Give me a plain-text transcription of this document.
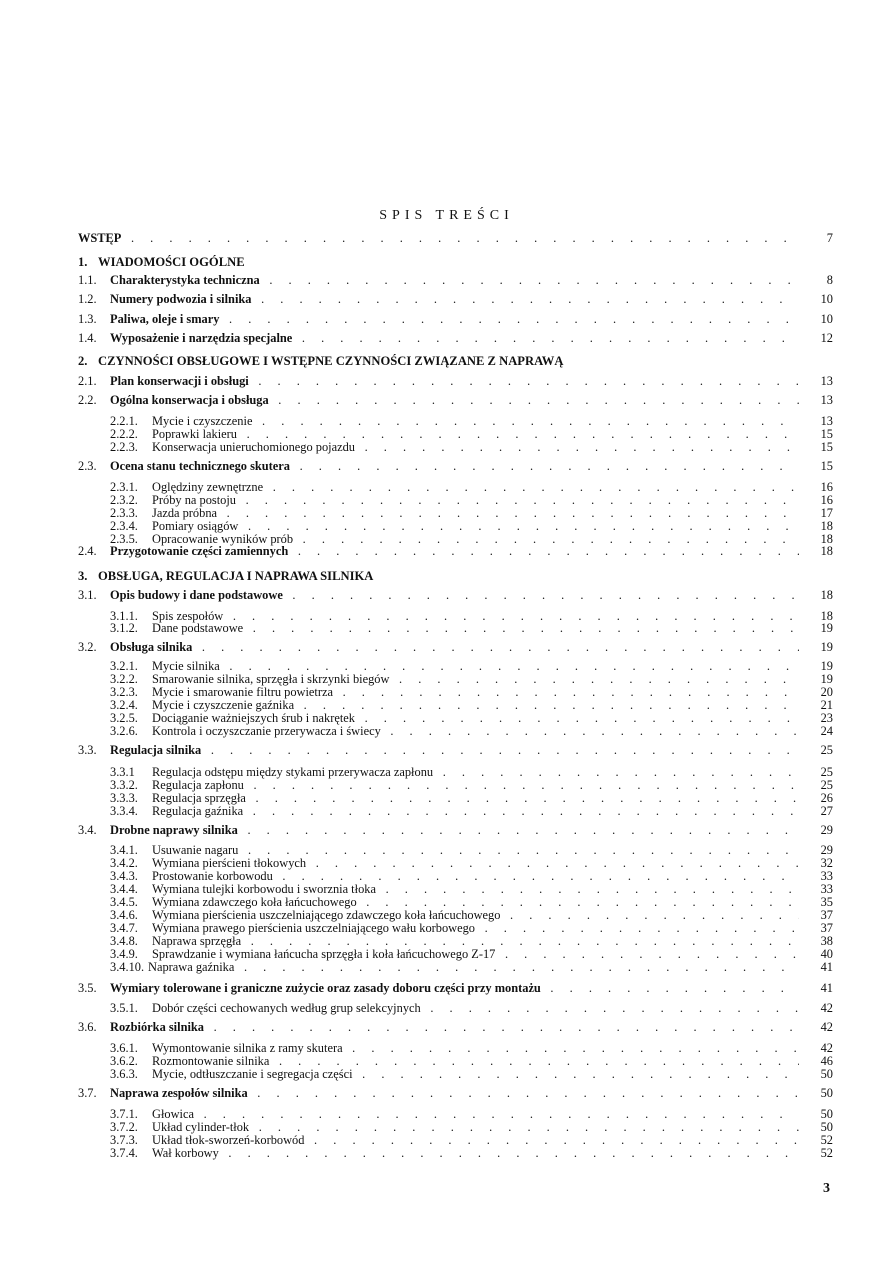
SPIS TREŚCI
WSTĘP . . .	7
1. WIADOMOŚCI OGÓLNE
1.1. Charakterystyka techniczna . . .	8
1.2. Numery podwozia i silnika . . .	10
1.3. Paliwa, oleje i smary . . .	10
1.4. Wyposażenie i narzędzia specjalne . . .	12
2. CZYNNOŚCI OBSŁUGOWE I WSTĘPNE CZYNNOŚCI ZWIĄZANE Z NAPRAWĄ
2.1. Plan konserwacji i obsługi . . .	13
2.2. Ogólna konserwacja i obsługa . . .	13
2.2.1. Mycie i czyszczenie . . .	13
2.2.2. Poprawki lakieru . . .	15
2.2.3. Konserwacja unieruchomionego pojazdu . . .	15
2.3. Ocena stanu technicznego skutera . . .	15
2.3.1. Oględziny zewnętrzne . . .	16
2.3.2. Próby na postoju . . .	16
2.3.3. Jazda próbna . . .	17
2.3.4. Pomiary osiągów . . .	18
2.3.5. Opracowanie wyników prób . . .	18
2.4. Przygotowanie części zamiennych . . .	18
3. OBSŁUGA, REGULACJA I NAPRAWA SILNIKA
3.1. Opis budowy i dane podstawowe . . .	18
3.1.1. Spis zespołów . . .	18
3.1.2. Dane podstawowe . . .	19
3.2. Obsługa silnika . . .	19
3.2.1. Mycie silnika . . .	19
3.2.2. Smarowanie silnika, sprzęgła i skrzynki biegów . . .	19
3.2.3. Mycie i smarowanie filtru powietrza . . .	20
3.2.4. Mycie i czyszczenie gaźnika . . .	21
3.2.5. Dociąganie ważniejszych śrub i nakrętek . . .	23
3.2.6. Kontrola i oczyszczanie przerywacza i świecy . . .	24
3.3. Regulacja silnika . . .	25
3.3.1 Regulacja odstępu między stykami przerywacza zapłonu . . .	25
3.3.2. Regulacja zapłonu . . .	25
3.3.3. Regulacja sprzęgła . . .	26
3.3.4. Regulacja gaźnika . . .	27
3.4. Drobne naprawy silnika . . .	29
3.4.1. Usuwanie nagaru . . .	29
3.4.2. Wymiana pierścieni tłokowych . . .	32
3.4.3. Prostowanie korbowodu . . .	33
3.4.4. Wymiana tulejki korbowodu i sworznia tłoka . . .	33
3.4.5. Wymiana zdawczego koła łańcuchowego . . .	35
3.4.6. Wymiana pierścienia uszczelniającego zdawczego koła łańcuchowego . . .	37
3.4.7. Wymiana prawego pierścienia uszczelniającego wału korbowego . . .	37
3.4.8. Naprawa sprzęgła . . .	38
3.4.9. Sprawdzanie i wymiana łańcucha sprzęgła i koła łańcuchowego Z-17 . . .	40
3.4.10. Naprawa gaźnika . . .	41
3.5. Wymiary tolerowane i graniczne zużycie oraz zasady doboru części przy montażu . . .	41
3.5.1. Dobór części cechowanych według grup selekcyjnych . . .	42
3.6. Rozbiórka silnika . . .	42
3.6.1. Wymontowanie silnika z ramy skutera . . .	42
3.6.2. Rozmontowanie silnika . . .	46
3.6.3. Mycie, odtłuszczanie i segregacja części . . .	50
3.7. Naprawa zespołów silnika . . .	50
3.7.1. Głowica . . .	50
3.7.2. Układ cylinder-tłok . . .	50
3.7.3. Układ tłok-sworzeń-korbowód . . .	52
3.7.4. Wał korbowy . . .	52
3
